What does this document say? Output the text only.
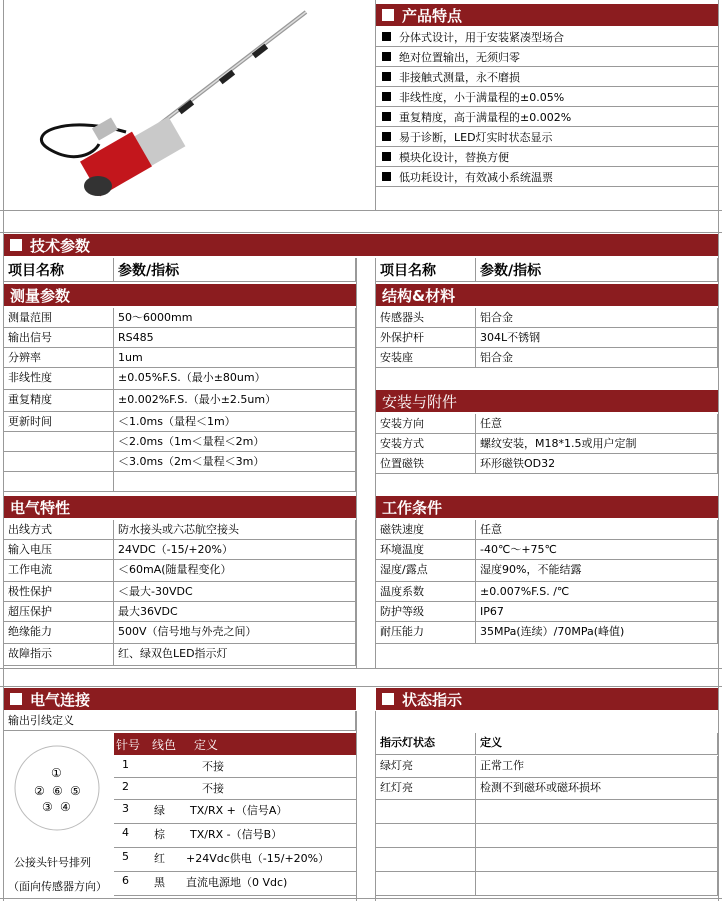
产品特点
分体式设计，用于安装紧凑型场合
绝对位置输出，无须归零
非接触式测量，永不磨损
非线性度，小于满量程的±0.05%
重复精度，高于满量程的±0.002%
易于诊断，LED灯实时状态显示
模块化设计，替换方便
低功耗设计，有效减小系统温票
技术参数
项目名称	参数/指标	项目名称	参数/指标
测量参数
测量范围	50～6000mm
输出信号	RS485
分辨率	1um
非线性度	±0.05%F.S.（最小±80um）
重复精度	±0.002%F.S.（最小±2.5um）
更新时间	＜1.0ms（量程＜1m）
＜2.0ms（1m＜量程＜2m）
＜3.0ms（2m＜量程＜3m）
结构&材料
传感器头	铝合金
外保护杆	304L不锈钢
安装座	铝合金
安装与附件
安装方向	任意
安装方式	螺纹安装，M18*1.5或用户定制
位置磁铁	环形磁铁OD32
电气特性
出线方式	防水接头或六芯航空接头
输入电压	24VDC（-15/+20%）
工作电流	＜60mA(随量程变化）
极性保护	＜最大-30VDC
超压保护	最大36VDC
绝缘能力	500V（信号地与外壳之间）
故障指示	红、绿双色LED指示灯
工作条件
磁铁速度	任意
环境温度	-40℃～+75℃
湿度/露点	湿度90%，不能结露
温度系数	±0.007%F.S. /℃
防护等级	IP67
耐压能力	35MPa(连续）/70MPa(峰值)
电气连接
输出引线定义
①
② ⑥ ⑤
③ ④
公接头针号排列
（面向传感器方向）
针号 线色 定义
1	不接
2	不接
3 绿 TX/RX +（信号A）
4 棕 TX/RX -（信号B）
5 红 +24Vdc供电（-15/+20%）
6 黑 直流电源地（0 Vdc)
状态指示
指示灯状态	定义
绿灯亮	正常工作
红灯亮	检测不到磁环或磁环损坏
